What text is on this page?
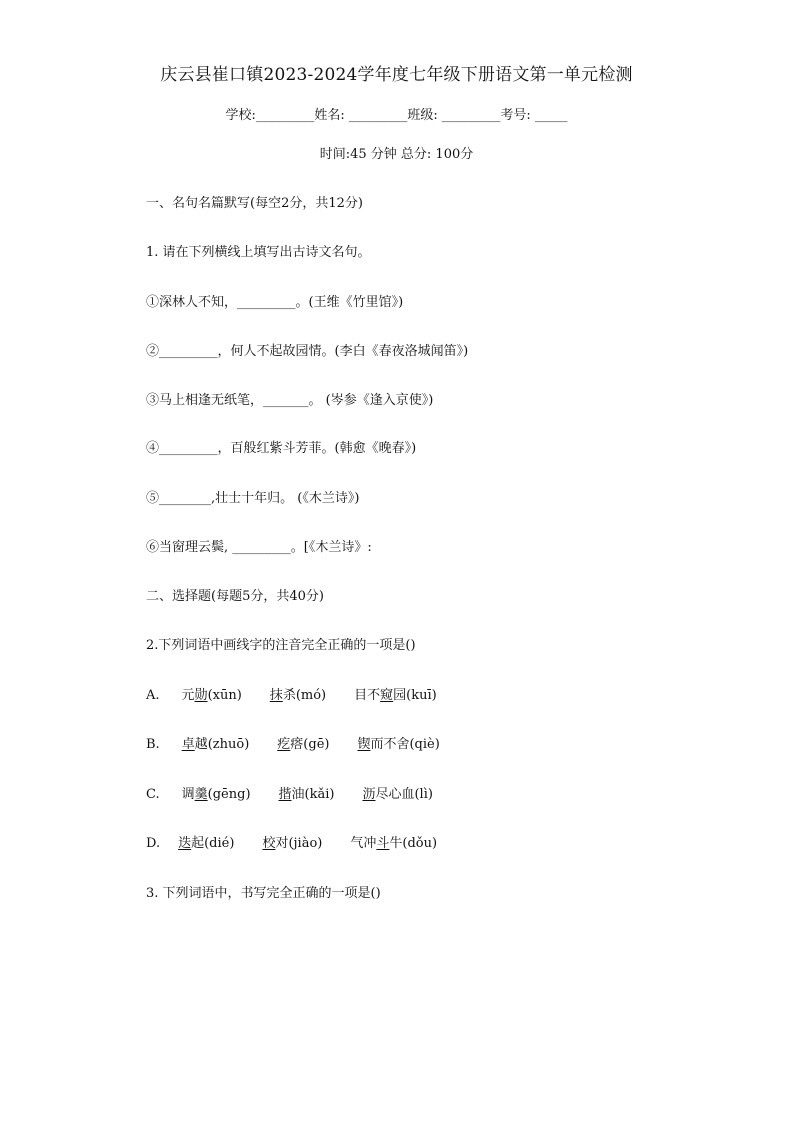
庆云县崔口镇2023-2024学年度七年级下册语文第一单元检测
学校:_________姓名: _________班级: _________考号: _____
时间:45 分钟 总分: 100分
一、名句名篇默写(每空2分，共12分)
1. 请在下列横线上填写出古诗文名句。
①深林人不知，_________。(王维《竹里馆》)
②_________，何人不起故园情。(李白《春夜洛城闻笛》)
③马上相逢无纸笔，_______。 (岑参《逢入京使》)
④_________，百般红紫斗芳菲。(韩愈《晚春》)
⑤________,壮士十年归。 (《木兰诗》)
⑥当窗理云鬓, _________。[《木兰诗》:
二、选择题(每题5分，共40分)
2.下列词语中画线字的注音完全正确的一项是()
A. 元勋(xūn) 抹杀(mó) 目不窥园(kuī)
B. 卓越(zhuō) 疙瘩(gē) 锲而不舍(qiè)
C. 调羹(gēng) 揩油(kǎi) 沥尽心血(lì)
D. 迭起(dié) 校对(jiào) 气冲斗牛(dǒu)
3. 下列词语中，书写完全正确的一项是()
